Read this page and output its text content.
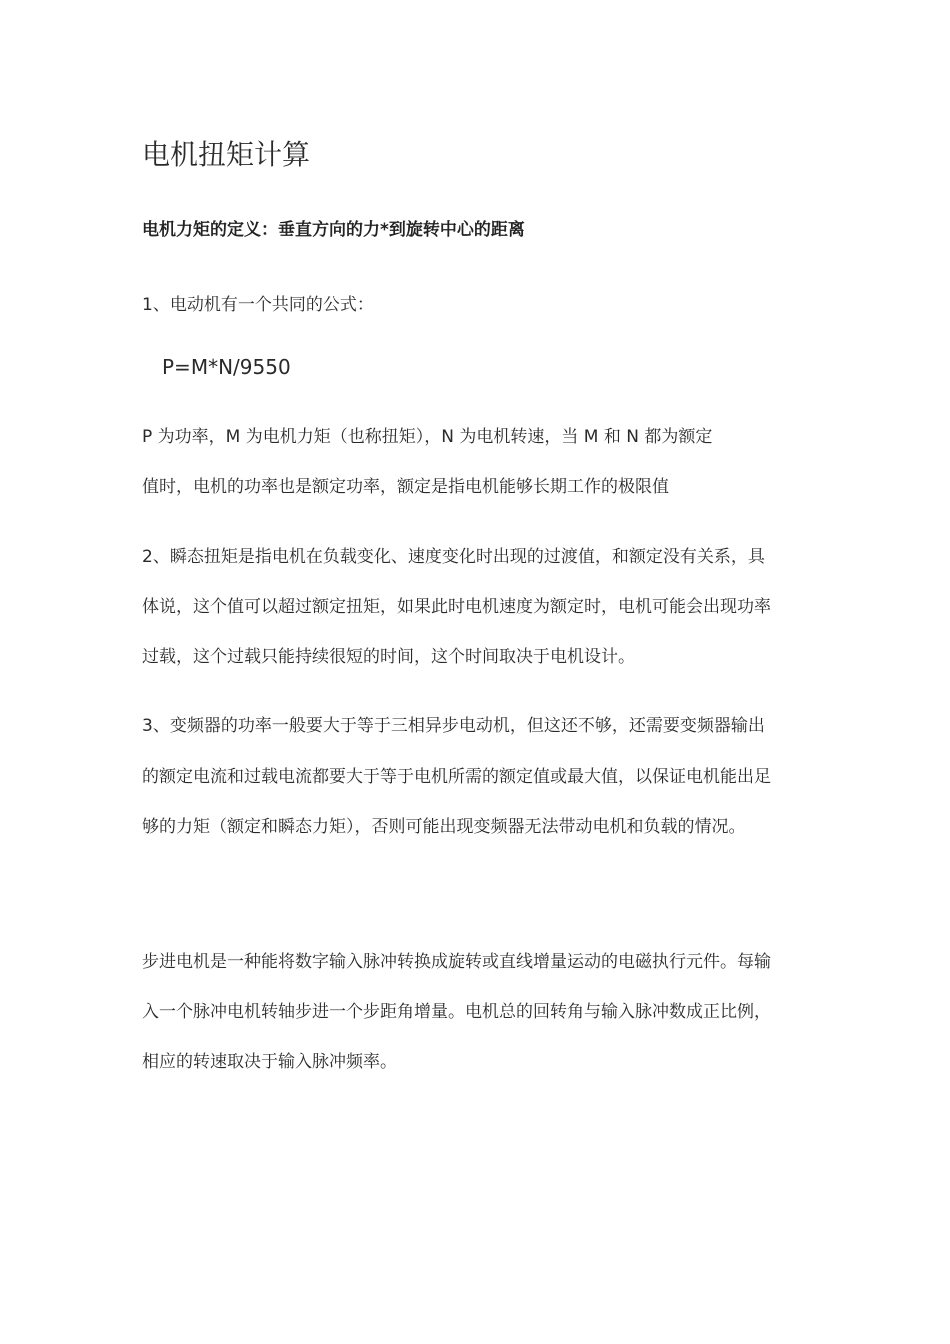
电机扭矩计算

电机力矩的定义：垂直方向的力*到旋转中心的距离

1、电动机有一个共同的公式：

P=M*N/9550

P 为功率，M 为电机力矩（也称扭矩），N 为电机转速，当 M 和 N 都为额定

值时，电机的功率也是额定功率，额定是指电机能够长期工作的极限值

2、瞬态扭矩是指电机在负载变化、速度变化时出现的过渡值，和额定没有关系，具

体说，这个值可以超过额定扭矩，如果此时电机速度为额定时，电机可能会出现功率

过载，这个过载只能持续很短的时间，这个时间取决于电机设计。

3、变频器的功率一般要大于等于三相异步电动机，但这还不够，还需要变频器输出

的额定电流和过载电流都要大于等于电机所需的额定值或最大值，以保证电机能出足

够的力矩（额定和瞬态力矩），否则可能出现变频器无法带动电机和负载的情况。

步进电机是一种能将数字输入脉冲转换成旋转或直线增量运动的电磁执行元件。每输

入一个脉冲电机转轴步进一个步距角增量。电机总的回转角与输入脉冲数成正比例，

相应的转速取决于输入脉冲频率。
